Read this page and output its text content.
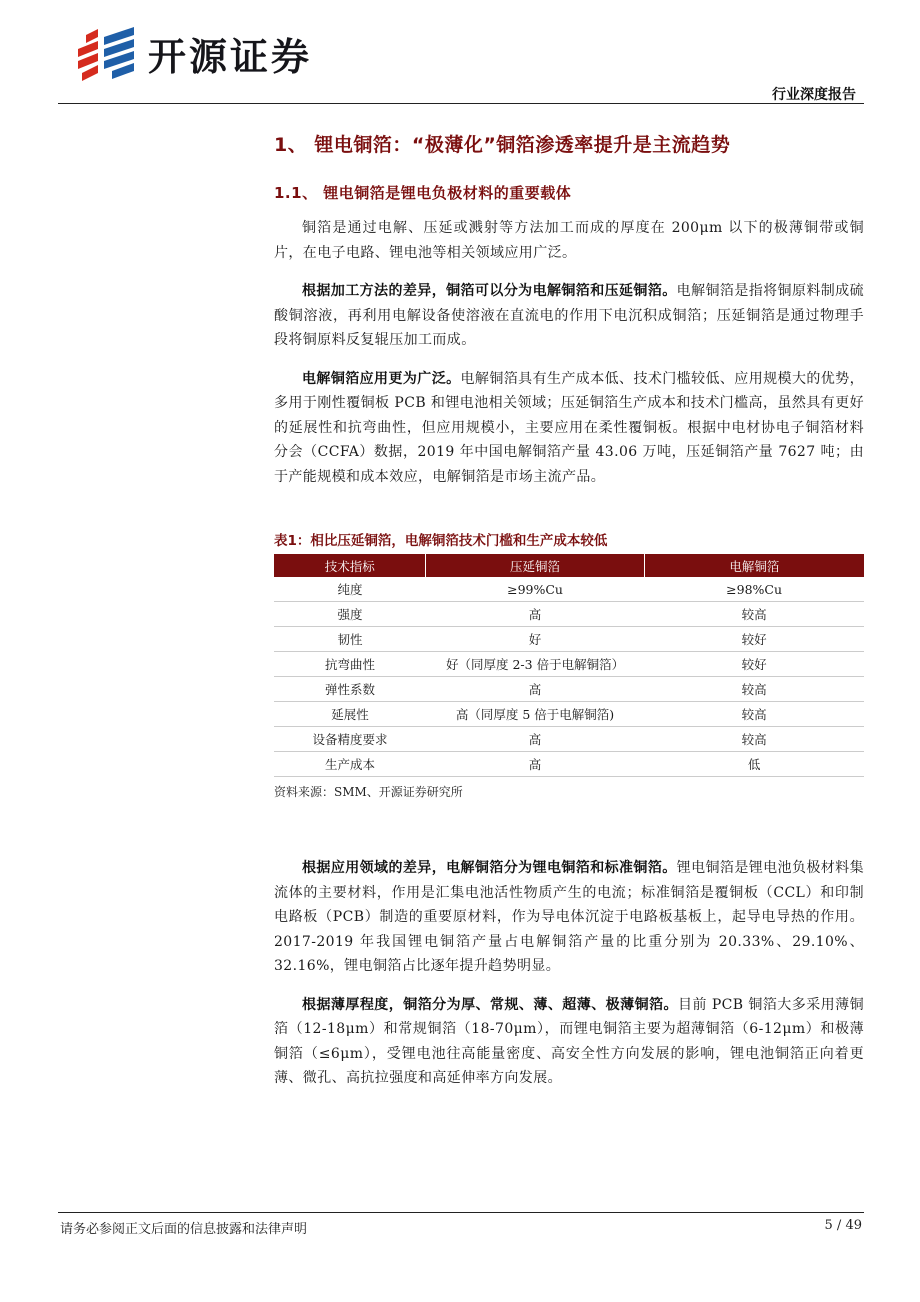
开源证券
行业深度报告
1、 锂电铜箔：“极薄化”铜箔渗透率提升是主流趋势
1.1、 锂电铜箔是锂电负极材料的重要载体

铜箔是通过电解、压延或溅射等方法加工而成的厚度在 200μm 以下的极薄铜带或铜片，在电子电路、锂电池等相关领域应用广泛。

根据加工方法的差异，铜箔可以分为电解铜箔和压延铜箔。电解铜箔是指将铜原料制成硫酸铜溶液，再利用电解设备使溶液在直流电的作用下电沉积成铜箔；压延铜箔是通过物理手段将铜原料反复辊压加工而成。

电解铜箔应用更为广泛。电解铜箔具有生产成本低、技术门槛较低、应用规模大的优势，多用于刚性覆铜板 PCB 和锂电池相关领域；压延铜箔生产成本和技术门槛高，虽然具有更好的延展性和抗弯曲性，但应用规模小，主要应用在柔性覆铜板。根据中电材协电子铜箔材料分会（CCFA）数据，2019 年中国电解铜箔产量 43.06 万吨，压延铜箔产量 7627 吨；由于产能规模和成本效应，电解铜箔是市场主流产品。

表1：相比压延铜箔，电解铜箔技术门槛和生产成本较低
技术指标	压延铜箔	电解铜箔
纯度	≥99%Cu	≥98%Cu
强度	高	较高
韧性	好	较好
抗弯曲性	好（同厚度 2-3 倍于电解铜箔）	较好
弹性系数	高	较高
延展性	高（同厚度 5 倍于电解铜箔)	较高
设备精度要求	高	较高
生产成本	高	低
资料来源：SMM、开源证券研究所

根据应用领域的差异，电解铜箔分为锂电铜箔和标准铜箔。锂电铜箔是锂电池负极材料集流体的主要材料，作用是汇集电池活性物质产生的电流；标准铜箔是覆铜板（CCL）和印制电路板（PCB）制造的重要原材料，作为导电体沉淀于电路板基板上，起导电导热的作用。2017-2019 年我国锂电铜箔产量占电解铜箔产量的比重分别为 20.33%、29.10%、32.16%，锂电铜箔占比逐年提升趋势明显。

根据薄厚程度，铜箔分为厚、常规、薄、超薄、极薄铜箔。目前 PCB 铜箔大多采用薄铜箔（12-18μm）和常规铜箔（18-70μm），而锂电铜箔主要为超薄铜箔（6-12μm）和极薄铜箔（≤6μm），受锂电池往高能量密度、高安全性方向发展的影响，锂电池铜箔正向着更薄、微孔、高抗拉强度和高延伸率方向发展。

请务必参阅正文后面的信息披露和法律声明	5 / 49
